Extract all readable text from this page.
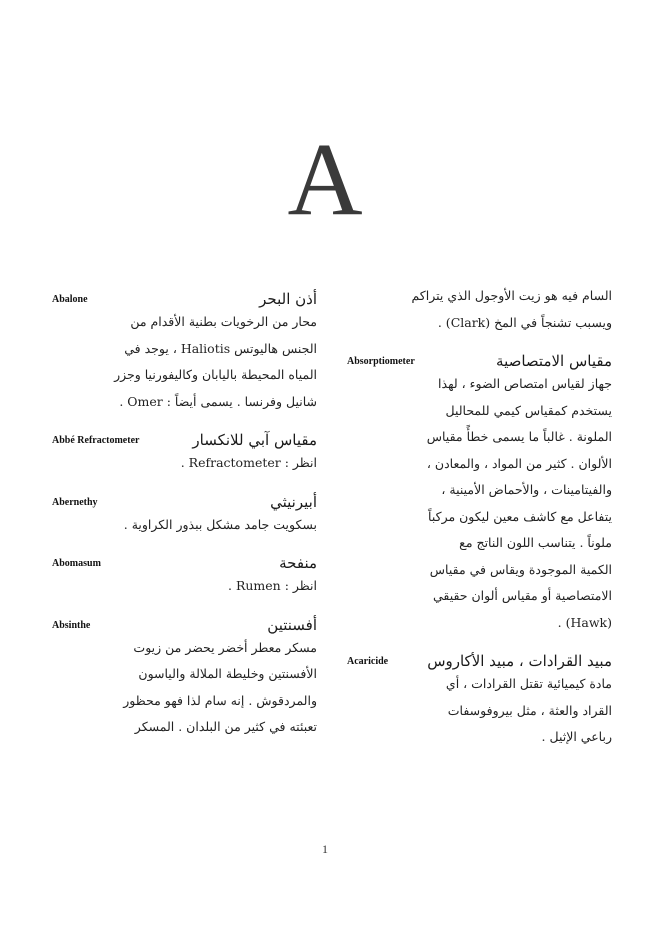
A
Abalone	أذن البحر
محار من الرخويات بطنية الأقدام من
الجنس هاليوتس Haliotis ، يوجد في
المياه المحيطة باليابان وكاليفورنيا وجزر
شانيل وفرنسا . يسمى أيضاً : Omer .
Abbé Refractometer	مقياس آبي للانكسار
انظر : Refractometer .
Abernethy	أبيرنيثي
بسكويت جامد مشكل ببذور الكراوية .
Abomasum	منفحة
انظر : Rumen .
Absinthe	أفسنتين
مسكر معطر أخضر يحضر من زيوت
الأفسنتين وخليطة الملالة والياسون
والمردقوش . إنه سام لذا فهو محظور
تعبئته في كثير من البلدان . المسكر
السام فيه هو زيت الأوجول الذي يتراكم
ويسبب تشنجاً في المخ (Clark) .
Absorptiometer	مقياس الامتصاصية
جهاز لقياس امتصاص الضوء ، لهذا
يستخدم كمقياس كيمي للمحاليل
الملونة . غالباً ما يسمى خطأً مقياس
الألوان . كثير من المواد ، والمعادن ،
والفيتامينات ، والأحماض الأمينية ،
يتفاعل مع كاشف معين ليكون مركباً
ملوناً . يتناسب اللون الناتج مع
الكمية الموجودة ويقاس في مقياس
الامتصاصية أو مقياس ألوان حقيقي
(Hawk) .
Acaricide	مبيد القرادات ، مبيد الأكاروس
مادة كيميائية تقتل القرادات ، أي
القراد والعثة ، مثل بيروفوسفات
رباعي الإثيل .
1
